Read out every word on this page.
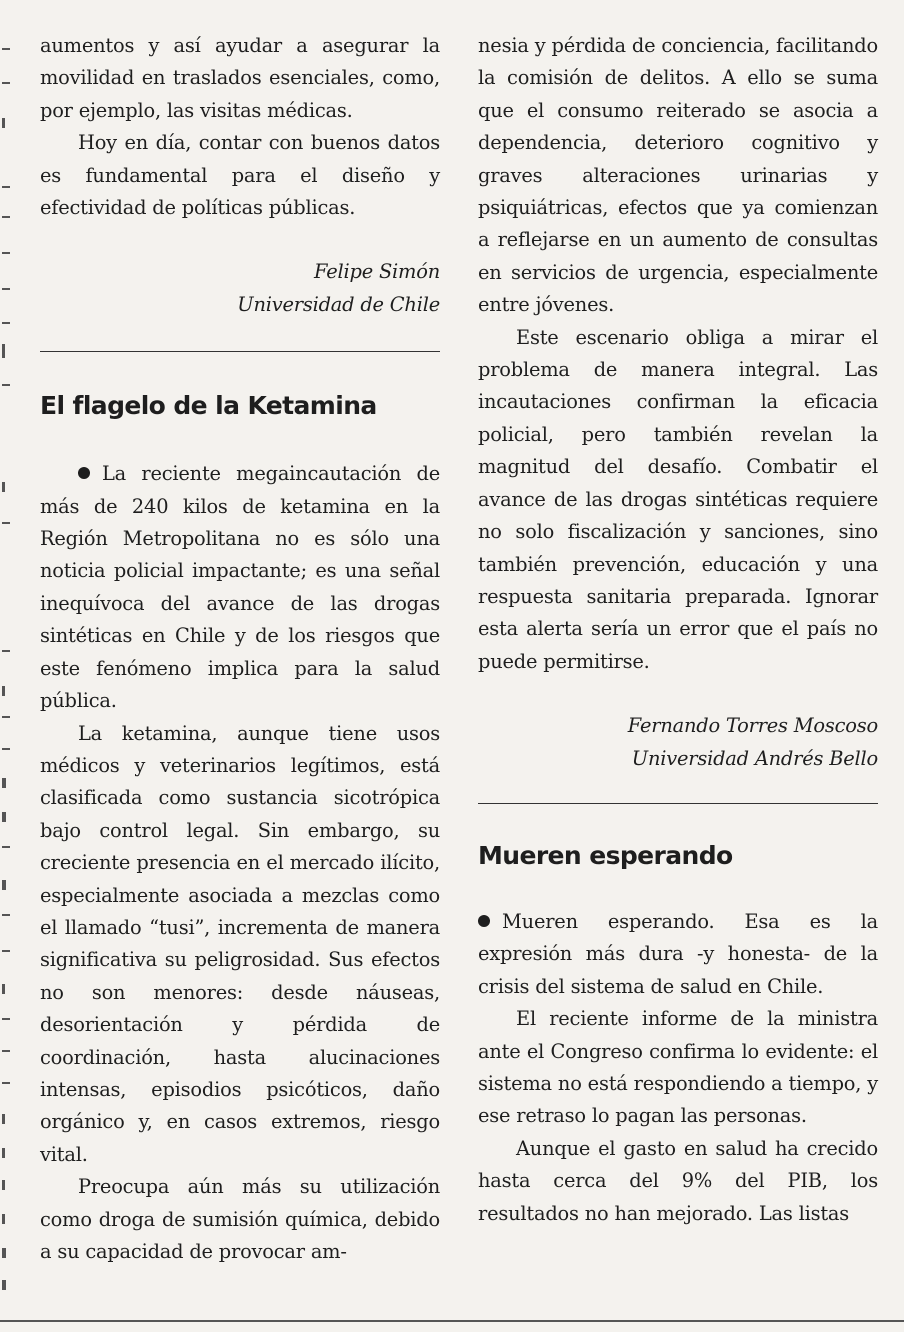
aumentos y así ayudar a asegurar la movilidad en traslados esenciales, como, por ejemplo, las visitas médicas.

Hoy en día, contar con buenos datos es fundamental para el diseño y efectividad de políticas públicas.

Felipe Simón

Universidad de Chile

El flagelo de la Ketamina

La reciente megaincautación de más de 240 kilos de ketamina en la Región Metropolitana no es sólo una noticia policial impactante; es una señal inequívoca del avance de las drogas sintéticas en Chile y de los riesgos que este fenómeno implica para la salud pública.

La ketamina, aunque tiene usos médicos y veterinarios legítimos, está clasificada como sustancia sicotrópica bajo control legal. Sin embargo, su creciente presencia en el mercado ilícito, especialmente asociada a mezclas como el llamado “tusi”, incrementa de manera significativa su peligrosidad. Sus efectos no son menores: desde náuseas, desorientación y pérdida de coordinación, hasta alucinaciones intensas, episodios psicóticos, daño orgánico y, en casos extremos, riesgo vital.

Preocupa aún más su utilización como droga de sumisión química, debido a su capacidad de provocar am-

nesia y pérdida de conciencia, facilitando la comisión de delitos. A ello se suma que el consumo reiterado se asocia a dependencia, deterioro cognitivo y graves alteraciones urinarias y psiquiátricas, efectos que ya comienzan a reflejarse en un aumento de consultas en servicios de urgencia, especialmente entre jóvenes.

Este escenario obliga a mirar el problema de manera integral. Las incautaciones confirman la eficacia policial, pero también revelan la magnitud del desafío. Combatir el avance de las drogas sintéticas requiere no solo fiscalización y sanciones, sino también prevención, educación y una respuesta sanitaria preparada. Ignorar esta alerta sería un error que el país no puede permitirse.

Fernando Torres Moscoso

Universidad Andrés Bello

Mueren esperando

Mueren esperando. Esa es la expresión más dura -y honesta- de la crisis del sistema de salud en Chile.

El reciente informe de la ministra ante el Congreso confirma lo evidente: el sistema no está respondiendo a tiempo, y ese retraso lo pagan las personas.

Aunque el gasto en salud ha crecido hasta cerca del 9% del PIB, los resultados no han mejorado. Las listas
